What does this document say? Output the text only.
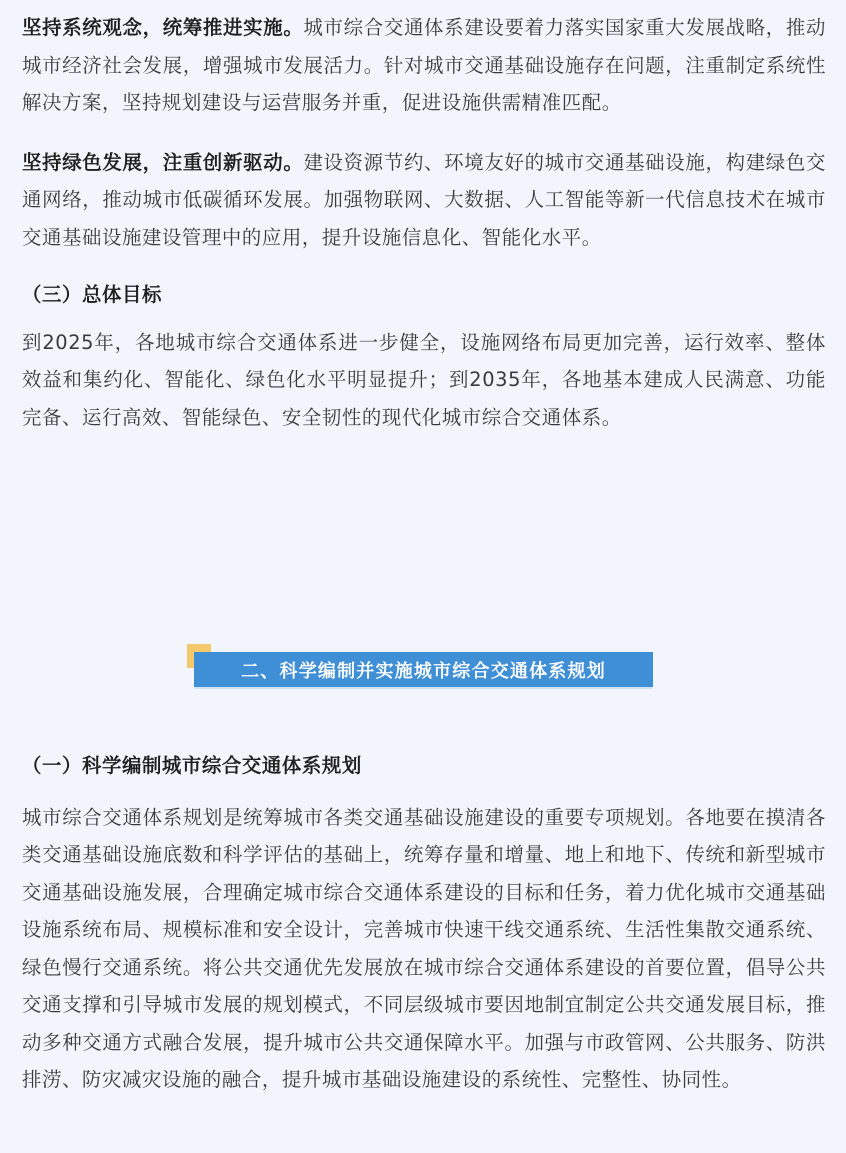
坚持系统观念，统筹推进实施。城市综合交通体系建设要着力落实国家重大发展战略，推动城市经济社会发展，增强城市发展活力。针对城市交通基础设施存在问题，注重制定系统性解决方案，坚持规划建设与运营服务并重，促进设施供需精准匹配。

坚持绿色发展，注重创新驱动。建设资源节约、环境友好的城市交通基础设施，构建绿色交通网络，推动城市低碳循环发展。加强物联网、大数据、人工智能等新一代信息技术在城市交通基础设施建设管理中的应用，提升设施信息化、智能化水平。

（三）总体目标

到2025年，各地城市综合交通体系进一步健全，设施网络布局更加完善，运行效率、整体效益和集约化、智能化、绿色化水平明显提升；到2035年，各地基本建成人民满意、功能完备、运行高效、智能绿色、安全韧性的现代化城市综合交通体系。

二、科学编制并实施城市综合交通体系规划

（一）科学编制城市综合交通体系规划

城市综合交通体系规划是统筹城市各类交通基础设施建设的重要专项规划。各地要在摸清各类交通基础设施底数和科学评估的基础上，统筹存量和增量、地上和地下、传统和新型城市交通基础设施发展，合理确定城市综合交通体系建设的目标和任务，着力优化城市交通基础设施系统布局、规模标准和安全设计，完善城市快速干线交通系统、生活性集散交通系统、绿色慢行交通系统。将公共交通优先发展放在城市综合交通体系建设的首要位置，倡导公共交通支撑和引导城市发展的规划模式，不同层级城市要因地制宜制定公共交通发展目标，推动多种交通方式融合发展，提升城市公共交通保障水平。加强与市政管网、公共服务、防洪排涝、防灾减灾设施的融合，提升城市基础设施建设的系统性、完整性、协同性。
